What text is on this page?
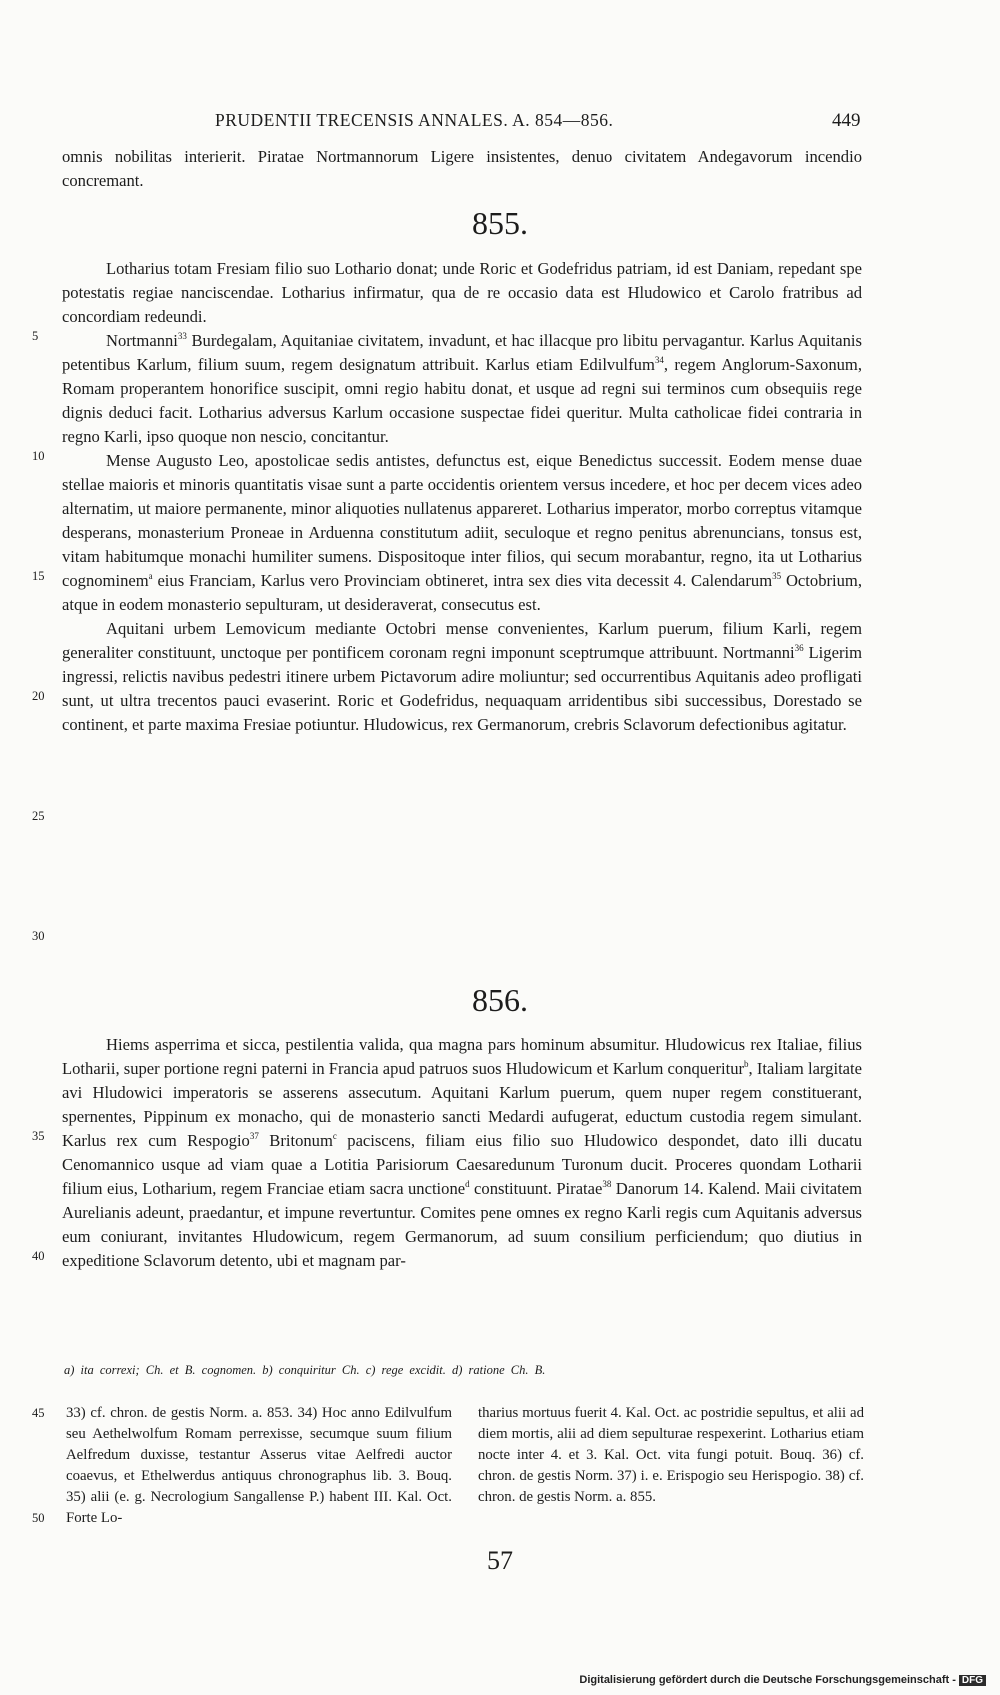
PRUDENTII TRECENSIS ANNALES. A. 854—856.	449

omnis nobilitas interierit. Piratae Nortmannorum Ligere insistentes, denuo civitatem Andegavorum incendio concremant.

855.

Lotharius totam Fresiam filio suo Lothario donat; unde Roric et Godefridus patriam, id est Daniam, repedant spe potestatis regiae nanciscendae. Lotharius infirmatur, qua de re occasio data est Hludowico et Carolo fratribus ad concordiam redeundi.

Nortmanni$^{33}$ Burdegalam, Aquitaniae civitatem, invadunt, et hac illacque pro libitu pervagantur. Karlus Aquitanis petentibus Karlum, filium suum, regem designatum attribuit. Karlus etiam Edilvulfum$^{34}$, regem Anglorum-Saxonum, Romam properantem honorifice suscipit, omni regio habitu donat, et usque ad regni sui terminos cum obsequiis rege dignis deduci facit. Lotharius adversus Karlum occasione suspectae fidei queritur. Multa catholicae fidei contraria in regno Karli, ipso quoque non nescio, concitantur.

Mense Augusto Leo, apostolicae sedis antistes, defunctus est, eique Benedictus successit. Eodem mense duae stellae maioris et minoris quantitatis visae sunt a parte occidentis orientem versus incedere, et hoc per decem vices adeo alternatim, ut maiore permanente, minor aliquoties nullatenus appareret. Lotharius imperator, morbo correptus vitamque desperans, monasterium Proneae in Arduenna constitutum adiit, seculoque et regno penitus abrenuncians, tonsus est, vitam habitumque monachi humiliter sumens. Dispositoque inter filios, qui secum morabantur, regno, ita ut Lotharius cognominem$^a$ eius Franciam, Karlus vero Provinciam obtineret, intra sex dies vita decessit 4. Calendarum$^{35}$ Octobrium, atque in eodem monasterio sepulturam, ut desideraverat, consecutus est.

Aquitani urbem Lemovicum mediante Octobri mense convenientes, Karlum puerum, filium Karli, regem generaliter constituunt, unctoque per pontificem coronam regni imponunt sceptrumque attribuunt. Nortmanni$^{36}$ Ligerim ingressi, relictis navibus pedestri itinere urbem Pictavorum adire moliuntur; sed occurrentibus Aquitanis adeo profligati sunt, ut ultra trecentos pauci evaserint. Roric et Godefridus, nequaquam arridentibus sibi successibus, Dorestado se continent, et parte maxima Fresiae potiuntur. Hludowicus, rex Germanorum, crebris Sclavorum defectionibus agitatur.

856.

Hiems asperrima et sicca, pestilentia valida, qua magna pars hominum absumitur. Hludowicus rex Italiae, filius Lotharii, super portione regni paterni in Francia apud patruos suos Hludowicum et Karlum conqueritur$^b$, Italiam largitate avi Hludowici imperatoris se asserens assecutum. Aquitani Karlum puerum, quem nuper regem constituerant, spernentes, Pippinum ex monacho, qui de monasterio sancti Medardi aufugerat, eductum custodia regem simulant. Karlus rex cum Respogio$^{37}$ Britonum$^c$ paciscens, filiam eius filio suo Hludowico despondet, dato illi ducatu Cenomannico usque ad viam quae a Lotitia Parisiorum Caesaredunum Turonum ducit. Proceres quondam Lotharii filium eius, Lotharium, regem Franciae etiam sacra unctione$^d$ constituunt. Piratae$^{38}$ Danorum 14. Kalend. Maii civitatem Aurelianis adeunt, praedantur, et impune revertuntur. Comites pene omnes ex regno Karli regis cum Aquitanis adversus eum coniurant, invitantes Hludowicum, regem Germanorum, ad suum consilium perficiendum; quo diutius in expeditione Sclavorum detento, ubi et magnam par-

5
10
15
20
25
30
35
40
45
50
a) ita correxi; Ch. et B. cognomen. b) conquiritur Ch. c) rege excidit. d) ratione Ch. B.
33) cf. chron. de gestis Norm. a. 853. 34) Hoc anno Edilvulfum seu Aethelwolfum Romam perrexisse, secumque suum filium Aelfredum duxisse, testantur Asserus vitae Aelfredi auctor coaevus, et Ethelwerdus antiquus chronographus lib. 3. Bouq. 35) alii (e. g. Necrologium Sangallense P.) habent III. Kal. Oct. Forte Lo-
tharius mortuus fuerit 4. Kal. Oct. ac postridie sepultus, et alii ad diem mortis, alii ad diem sepulturae respexerint. Lotharius etiam nocte inter 4. et 3. Kal. Oct. vita fungi potuit. Bouq. 36) cf. chron. de gestis Norm. 37) i. e. Erispogio seu Herispogio. 38) cf. chron. de gestis Norm. a. 855.
57
Digitalisierung gefördert durch die Deutsche Forschungsgemeinschaft - DFG
